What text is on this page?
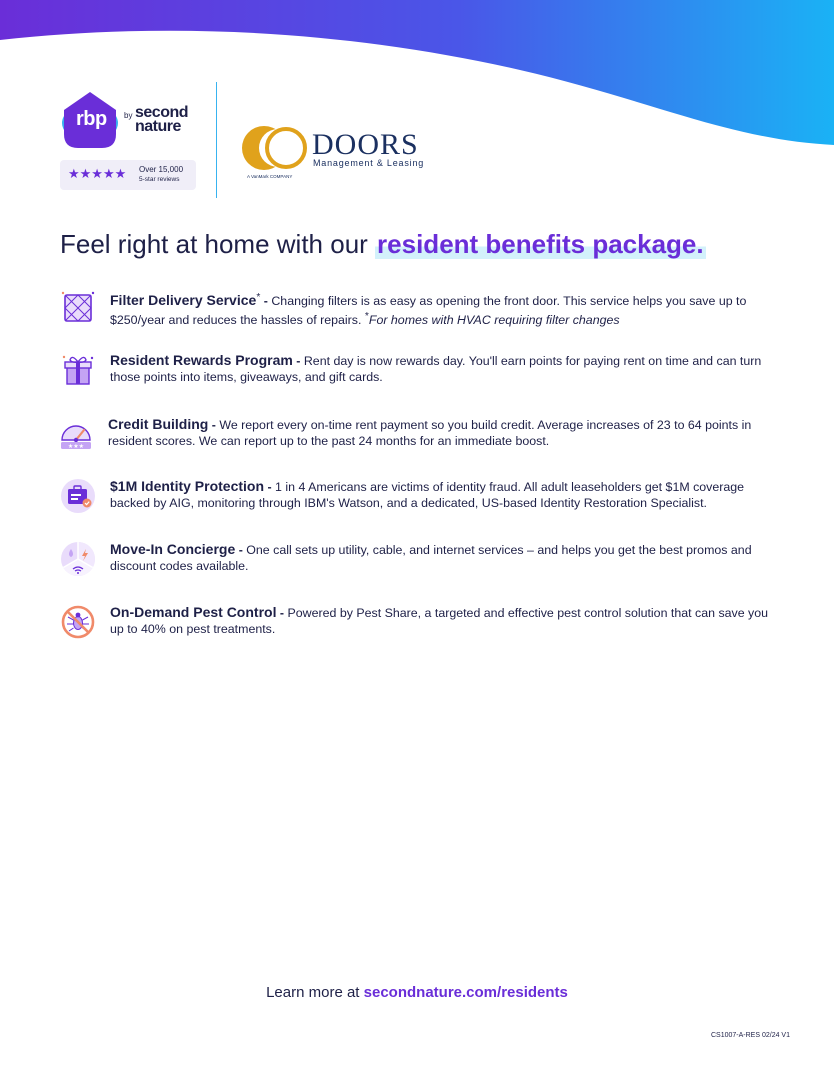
rbp by second
nature
★★★★★ Over 15,000
5-star reviews
DOORS
Management & Leasing
A VanMark COMPANY
Feel right at home with our resident benefits package.
Filter Delivery Service* - Changing filters is as easy as opening the front door. This service helps you save up to $250/year and reduces the hassles of repairs. *For homes with HVAC requiring filter changes
Resident Rewards Program - Rent day is now rewards day. You'll earn points for paying rent on time and can turn those points into items, giveaways, and gift cards.
★★★
Credit Building - We report every on-time rent payment so you build credit. Average increases of 23 to 64 points in resident scores. We can report up to the past 24 months for an immediate boost.
$1M Identity Protection - 1 in 4 Americans are victims of identity fraud. All adult leaseholders get $1M coverage backed by AIG, monitoring through IBM's Watson, and a dedicated, US-based Identity Restoration Specialist.
Move-In Concierge - One call sets up utility, cable, and internet services – and helps you get the best promos and discount codes available.
On-Demand Pest Control - Powered by Pest Share, a targeted and effective pest control solution that can save you up to 40% on pest treatments.
Learn more at secondnature.com/residents
CS1007-A-RES 02/24 V1
